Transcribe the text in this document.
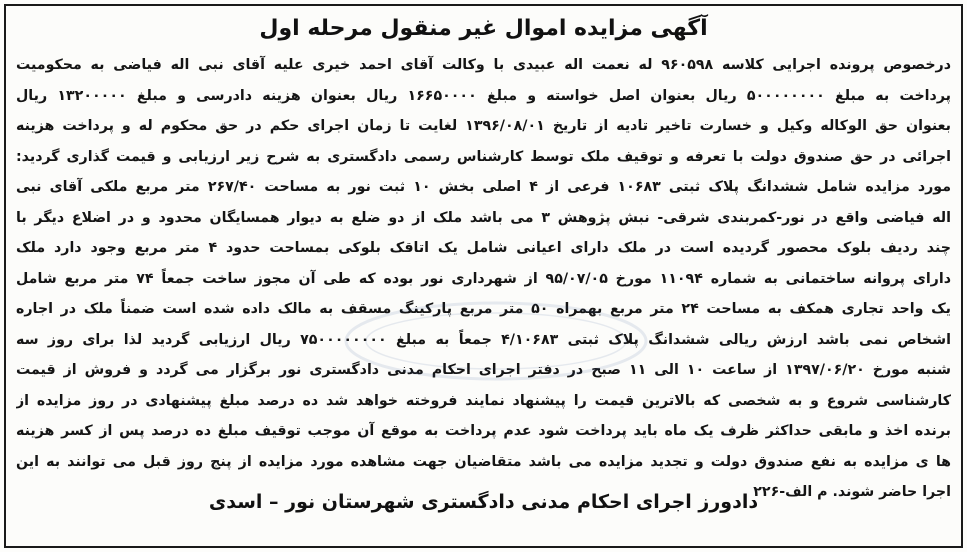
آگهی مزایده اموال غیر منقول مرحله اول
درخصوص پرونده اجرایی کلاسه ۹۶۰۵۹۸ له نعمت اله عبیدی با وکالت آقای احمد خیری علیه آقای نبی اله فیاضی به محکومیت
پرداخت به مبلغ ۵۰۰۰۰۰۰۰۰ ریال بعنوان اصل خواسته و مبلغ ۱۶۶۵۰۰۰۰ ریال بعنوان هزینه دادرسی و مبلغ ۱۳۲۰۰۰۰۰ ریال
بعنوان حق الوکاله وکیل و خسارت تاخیر تادیه از تاریخ ۱۳۹۶/۰۸/۰۱ لغایت تا زمان اجرای حکم در حق محکوم له و پرداخت هزینه
اجرائی در حق صندوق دولت با تعرفه و توقیف ملک توسط کارشناس رسمی دادگستری به شرح زیر ارزیابی و قیمت گذاری گردید:
مورد مزایده شامل ششدانگ پلاک ثبتی ۱۰۶۸۳ فرعی از ۴ اصلی بخش ۱۰ ثبت نور به مساحت ۲۶۷/۴۰ متر مربع ملکی آقای نبی
اله فیاضی واقع در نور-کمربندی شرقی- نبش پژوهش ۳ می باشد ملک از دو ضلع به دیوار همسایگان محدود و در اضلاع دیگر با
چند ردیف بلوک محصور گردیده است در ملک دارای اعیانی شامل یک اتاقک بلوکی بمساحت حدود ۴ متر مربع وجود دارد ملک
دارای پروانه ساختمانی به شماره ۱۱۰۹۴ مورخ ۹۵/۰۷/۰۵ از شهرداری نور بوده که طی آن مجوز ساخت جمعاً ۷۴ متر مربع شامل
یک واحد تجاری همکف به مساحت ۲۴ متر مربع بهمراه ۵۰ متر مربع پارکینگ مسقف به مالک داده شده است ضمناً ملک در اجاره
اشخاص نمی باشد ارزش ریالی ششدانگ پلاک ثبتی ۴/۱۰۶۸۳ جمعاً به مبلغ ۷۵۰۰۰۰۰۰۰۰ ریال ارزیابی گردید لذا برای روز سه
شنبه مورخ ۱۳۹۷/۰۶/۲۰ از ساعت ۱۰ الی ۱۱ صبح در دفتر اجرای احکام مدنی دادگستری نور برگزار می گردد و فروش از قیمت
کارشناسی شروع و به شخصی که بالاترین قیمت را پیشنهاد نمایند فروخته خواهد شد ده درصد مبلغ پیشنهادی در روز مزایده از
برنده اخذ و مابقی حداکثر ظرف یک ماه باید پرداخت شود عدم پرداخت به موقع آن موجب توقیف مبلغ ده درصد پس از کسر هزینه
ها ی مزایده به نفع صندوق دولت و تجدید مزایده می باشد متقاضیان جهت مشاهده مورد مزایده از پنج روز قبل می توانند به این
اجرا حاضر شوند. م الف-۲۲۶
دادورز اجرای احکام مدنی دادگستری شهرستان نور – اسدی
